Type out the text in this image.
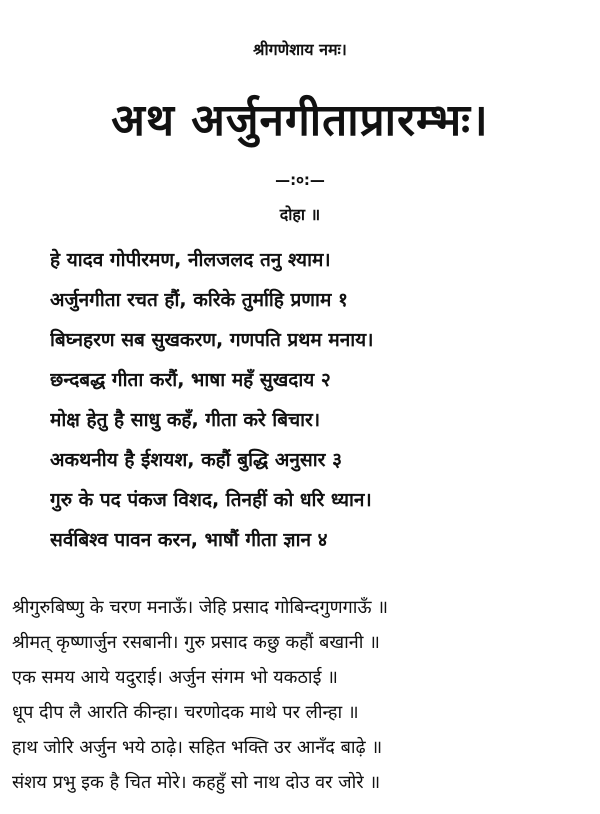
श्रीगणेशाय नमः।
अथ अर्जुनगीताप्रारम्भः।
—:०:—
दोहा ॥
हे यादव गोपीरमण, नीलजलद तनु श्याम।
अर्जुनगीता रचत हौं, करिके तुर्माहि प्रणाम १
बिघ्नहरण सब सुखकरण, गणपति प्रथम मनाय।
छन्दबद्ध गीता करौं, भाषा महँ सुखदाय २
मोक्ष हेतु है साधु कहँ, गीता करे बिचार।
अकथनीय है ईशयश, कहौं बुद्धि अनुसार ३
गुरु के पद पंकज विशद, तिनहीं को धरि ध्यान।
सर्वबिश्व पावन करन, भाषौं गीता ज्ञान ४
श्रीगुरुबिष्णु के चरण मनाऊँ। जेहि प्रसाद गोबिन्दगुणगाऊँ ॥
श्रीमत् कृष्णार्जुन रसबानी। गुरु प्रसाद कछु कहौं बखानी ॥
एक समय आये यदुराई। अर्जुन संगम भो यकठाई ॥
धूप दीप लै आरति कीन्हा। चरणोदक माथे पर लीन्हा ॥
हाथ जोरि अर्जुन भये ठाढ़े। सहित भक्ति उर आनँद बाढ़े ॥
संशय प्रभु इक है चित मोरे। कहहुँ सो नाथ दोउ वर जोरे ॥
